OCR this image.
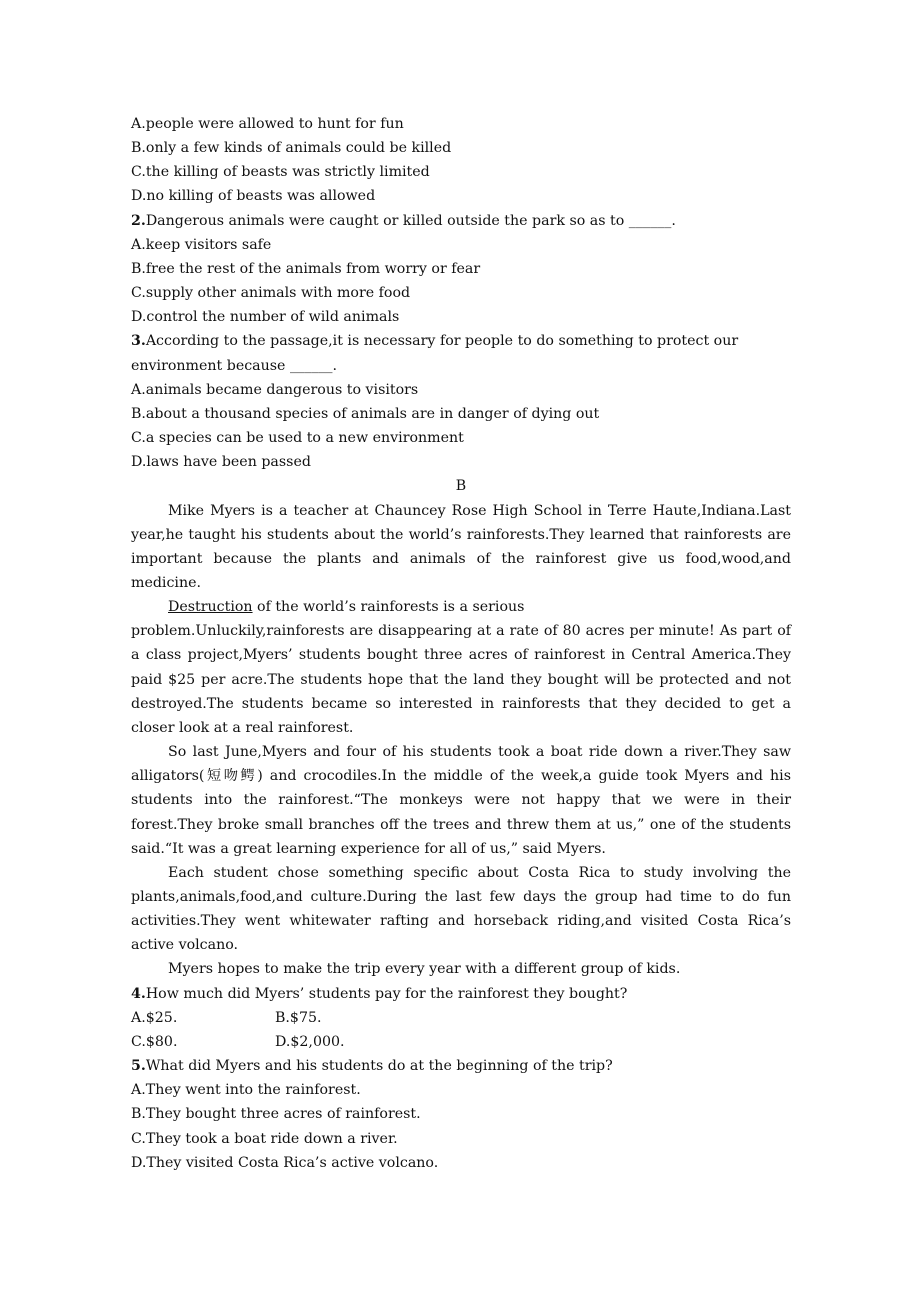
A.people were allowed to hunt for fun
B.only a few kinds of animals could be killed
C.the killing of beasts was strictly limited
D.no killing of beasts was allowed
2.Dangerous animals were caught or killed outside the park so as to ______.
A.keep visitors safe
B.free the rest of the animals from worry or fear
C.supply other animals with more food
D.control the number of wild animals
3.According to the passage,it is necessary for people to do something to protect our
environment because ______.
A.animals became dangerous to visitors
B.about a thousand species of animals are in danger of dying out
C.a species can be used to a new environment
D.laws have been passed
B
Mike Myers is a teacher at Chauncey Rose High School in Terre Haute,Indiana.Last year,he taught his students about the world’s rainforests.They learned that rainforests are important because the plants and animals of the rainforest give us food,wood,and medicine.
Destruction of the world’s rainforests is a serious
problem.Unluckily,rainforests are disappearing at a rate of 80 acres per minute! As part of a class project,Myers’ students bought three acres of rainforest in Central America.They paid $25 per acre.The students hope that the land they bought will be protected and not destroyed.The students became so interested in rainforests that they decided to get a closer look at a real rainforest.
So last June,Myers and four of his students took a boat ride down a river.They saw alligators(短吻鳄) and crocodiles.In the middle of the week,a guide took Myers and his students into the rainforest.“The monkeys were not happy that we were in their forest.They broke small branches off the trees and threw them at us,” one of the students said.“It was a great learning experience for all of us,” said Myers.
Each student chose something specific about Costa Rica to study involving the plants,animals,food,and culture.During the last few days the group had time to do fun activities.They went whitewater rafting and horseback riding,and visited Costa Rica’s active volcano.
Myers hopes to make the trip every year with a different group of kids.
4.How much did Myers’ students pay for the rainforest they bought?
A.$25.	B.$75.
C.$80.	D.$2,000.
5.What did Myers and his students do at the beginning of the trip?
A.They went into the rainforest.
B.They bought three acres of rainforest.
C.They took a boat ride down a river.
D.They visited Costa Rica’s active volcano.
